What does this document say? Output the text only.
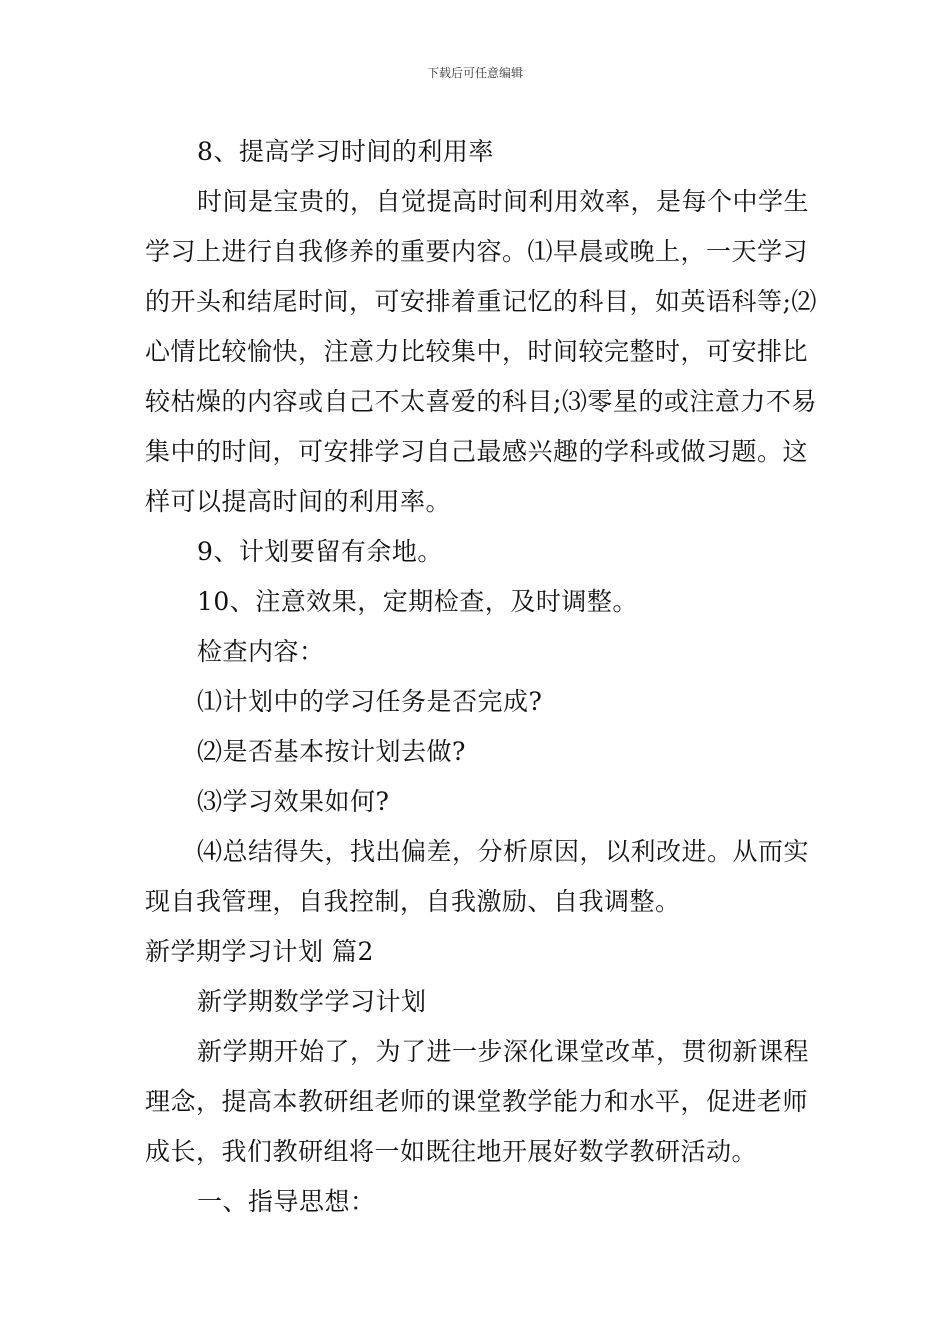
下载后可任意编辑

8、提高学习时间的利用率

时间是宝贵的，自觉提高时间利用效率，是每个中学生学习上进行自我修养的重要内容。⑴早晨或晚上，一天学习的开头和结尾时间，可安排着重记忆的科目，如英语科等;⑵心情比较愉快，注意力比较集中，时间较完整时，可安排比较枯燥的内容或自己不太喜爱的科目;⑶零星的或注意力不易集中的时间，可安排学习自己最感兴趣的学科或做习题。这样可以提高时间的利用率。

9、计划要留有余地。

10、注意效果，定期检查，及时调整。

检查内容：

⑴计划中的学习任务是否完成?

⑵是否基本按计划去做?

⑶学习效果如何?

⑷总结得失，找出偏差，分析原因，以利改进。从而实现自我管理，自我控制，自我激励、自我调整。

新学期学习计划 篇2

新学期数学学习计划

新学期开始了，为了进一步深化课堂改革，贯彻新课程理念，提高本教研组老师的课堂教学能力和水平，促进老师成长，我们教研组将一如既往地开展好数学教研活动。

一、指导思想：
